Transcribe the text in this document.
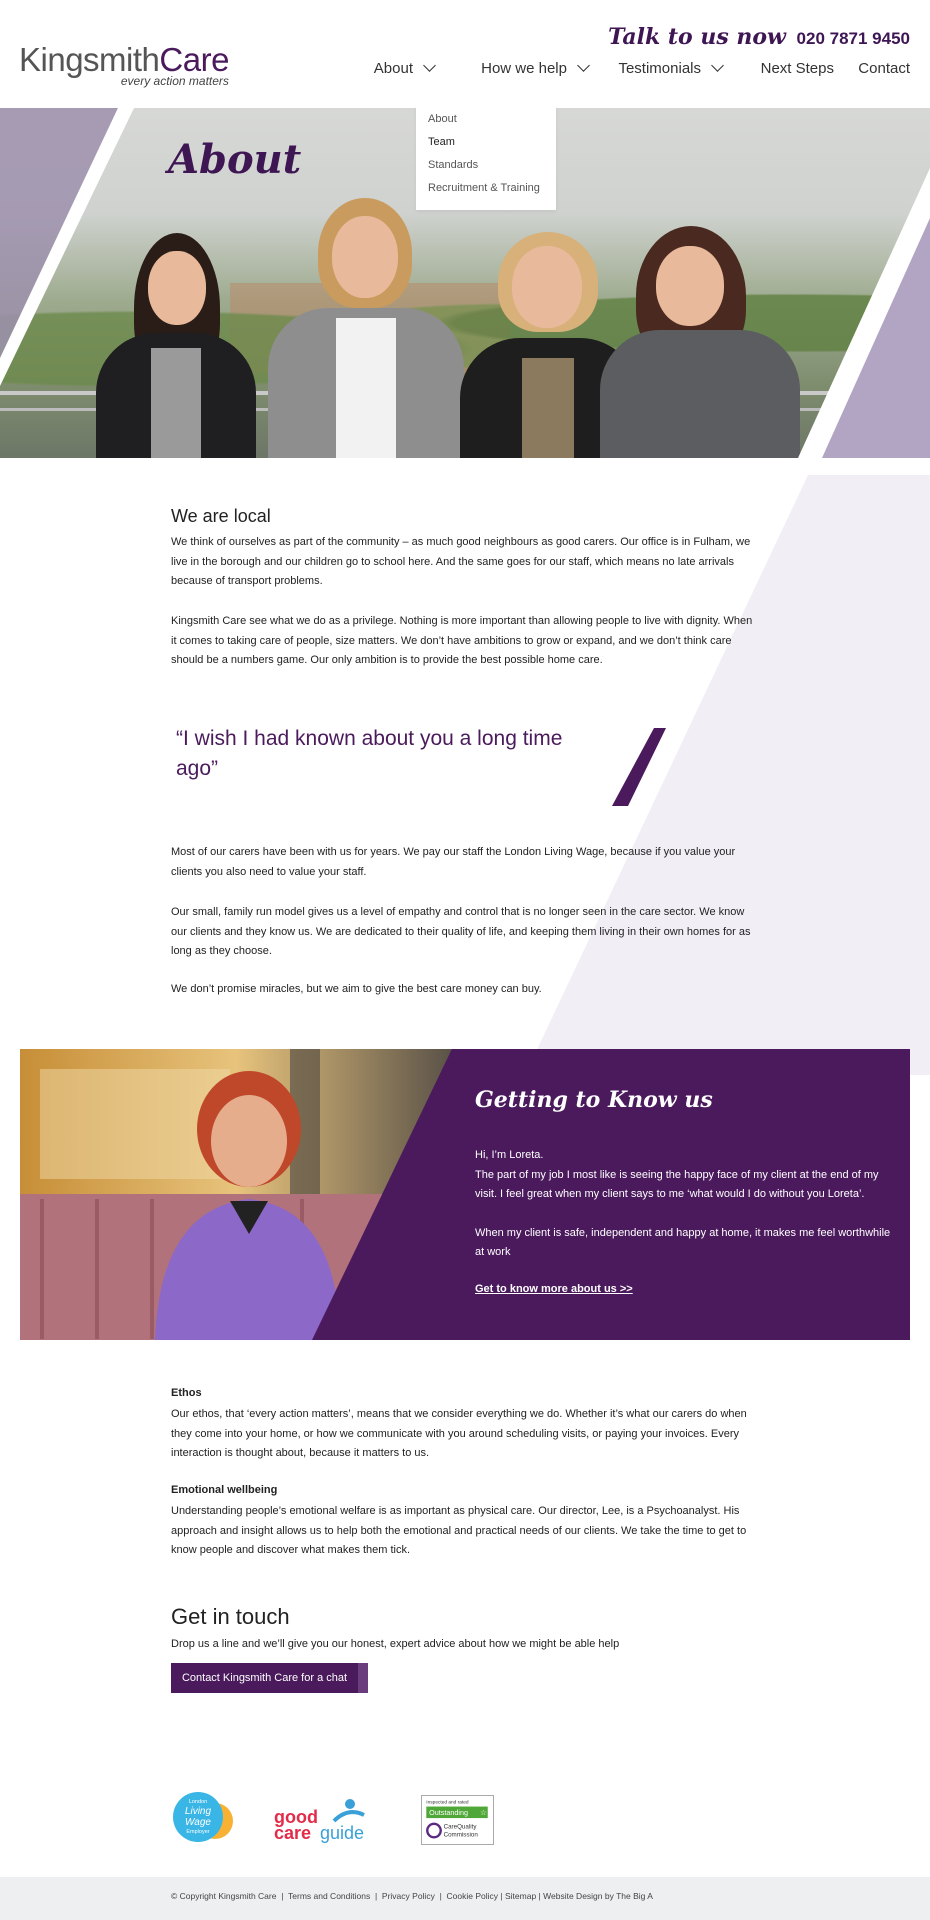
KingsmithCare
every action matters
Talk to us now 020 7871 9450
About	How we help	Testimonials	Next Steps Contact
About
About
Team
Standards
Recruitment & Training
We are local
We think of ourselves as part of the community – as much good neighbours as good carers. Our office is in Fulham, we live in the borough and our children go to school here. And the same goes for our staff, which means no late arrivals because of transport problems.
Kingsmith Care see what we do as a privilege. Nothing is more important than allowing people to live with dignity. When it comes to taking care of people, size matters. We don’t have ambitions to grow or expand, and we don’t think care should be a numbers game. Our only ambition is to provide the best possible home care.
“I wish I had known about you a long time ago”
Most of our carers have been with us for years. We pay our staff the London Living Wage, because if you value your clients you also need to value your staff.
Our small, family run model gives us a level of empathy and control that is no longer seen in the care sector. We know our clients and they know us. We are dedicated to their quality of life, and keeping them living in their own homes for as long as they choose.
We don’t promise miracles, but we aim to give the best care money can buy.
Getting to Know us
Hi, I’m Loreta.
The part of my job I most like is seeing the happy face of my client at the end of my visit. I feel great when my client says to me ‘what would I do without you Loreta’.
When my client is safe, independent and happy at home, it makes me feel worthwhile at work
Get to know more about us >>
Ethos
Our ethos, that ‘every action matters’, means that we consider everything we do. Whether it’s what our carers do when they come into your home, or how we communicate with you around scheduling visits, or paying your invoices. Every interaction is thought about, because it matters to us.
Emotional wellbeing
Understanding people’s emotional welfare is as important as physical care. Our director, Lee, is a Psychoanalyst. His approach and insight allows us to help both the emotional and practical needs of our clients. We take the time to get to know people and discover what makes them tick.
Get in touch
Drop us a line and we’ll give you our honest, expert advice about how we might be able help
Contact Kingsmith Care for a chat
London
Living
Wage
Employer
good
care guide
Inspected and rated
Outstanding ☆
CareQuality
Commission
© Copyright Kingsmith Care  |  Terms and Conditions  |  Privacy Policy  |  Cookie Policy | Sitemap | Website Design by The Big A
